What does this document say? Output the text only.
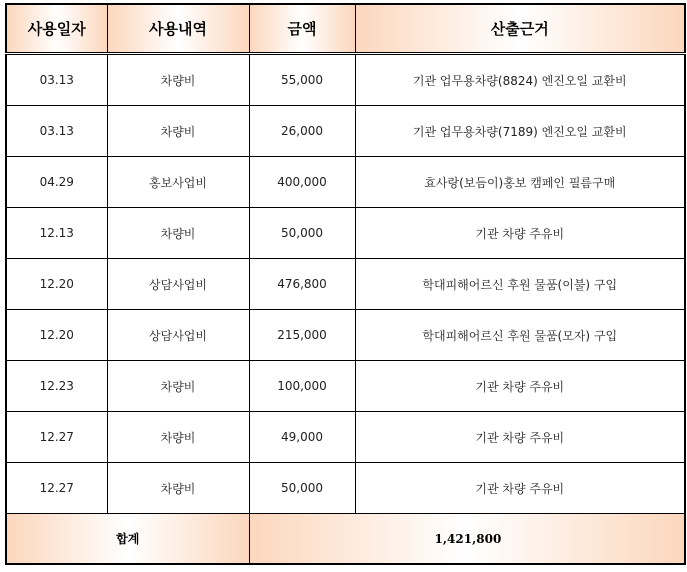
사용일자	사용내역	금액	산출근거
03.13	차량비	55,000	기관 업무용차량(8824) 엔진오일 교환비
03.13	차량비	26,000	기관 업무용차량(7189) 엔진오일 교환비
04.29	홍보사업비	400,000	효사랑(보듬이)홍보 캠페인 필름구매
12.13	차량비	50,000	기관 차량 주유비
12.20	상담사업비	476,800	학대피해어르신 후원 물품(이불) 구입
12.20	상담사업비	215,000	학대피해어르신 후원 물품(모자) 구입
12.23	차량비	100,000	기관 차량 주유비
12.27	차량비	49,000	기관 차량 주유비
12.27	차량비	50,000	기관 차량 주유비
합계		1,421,800	
